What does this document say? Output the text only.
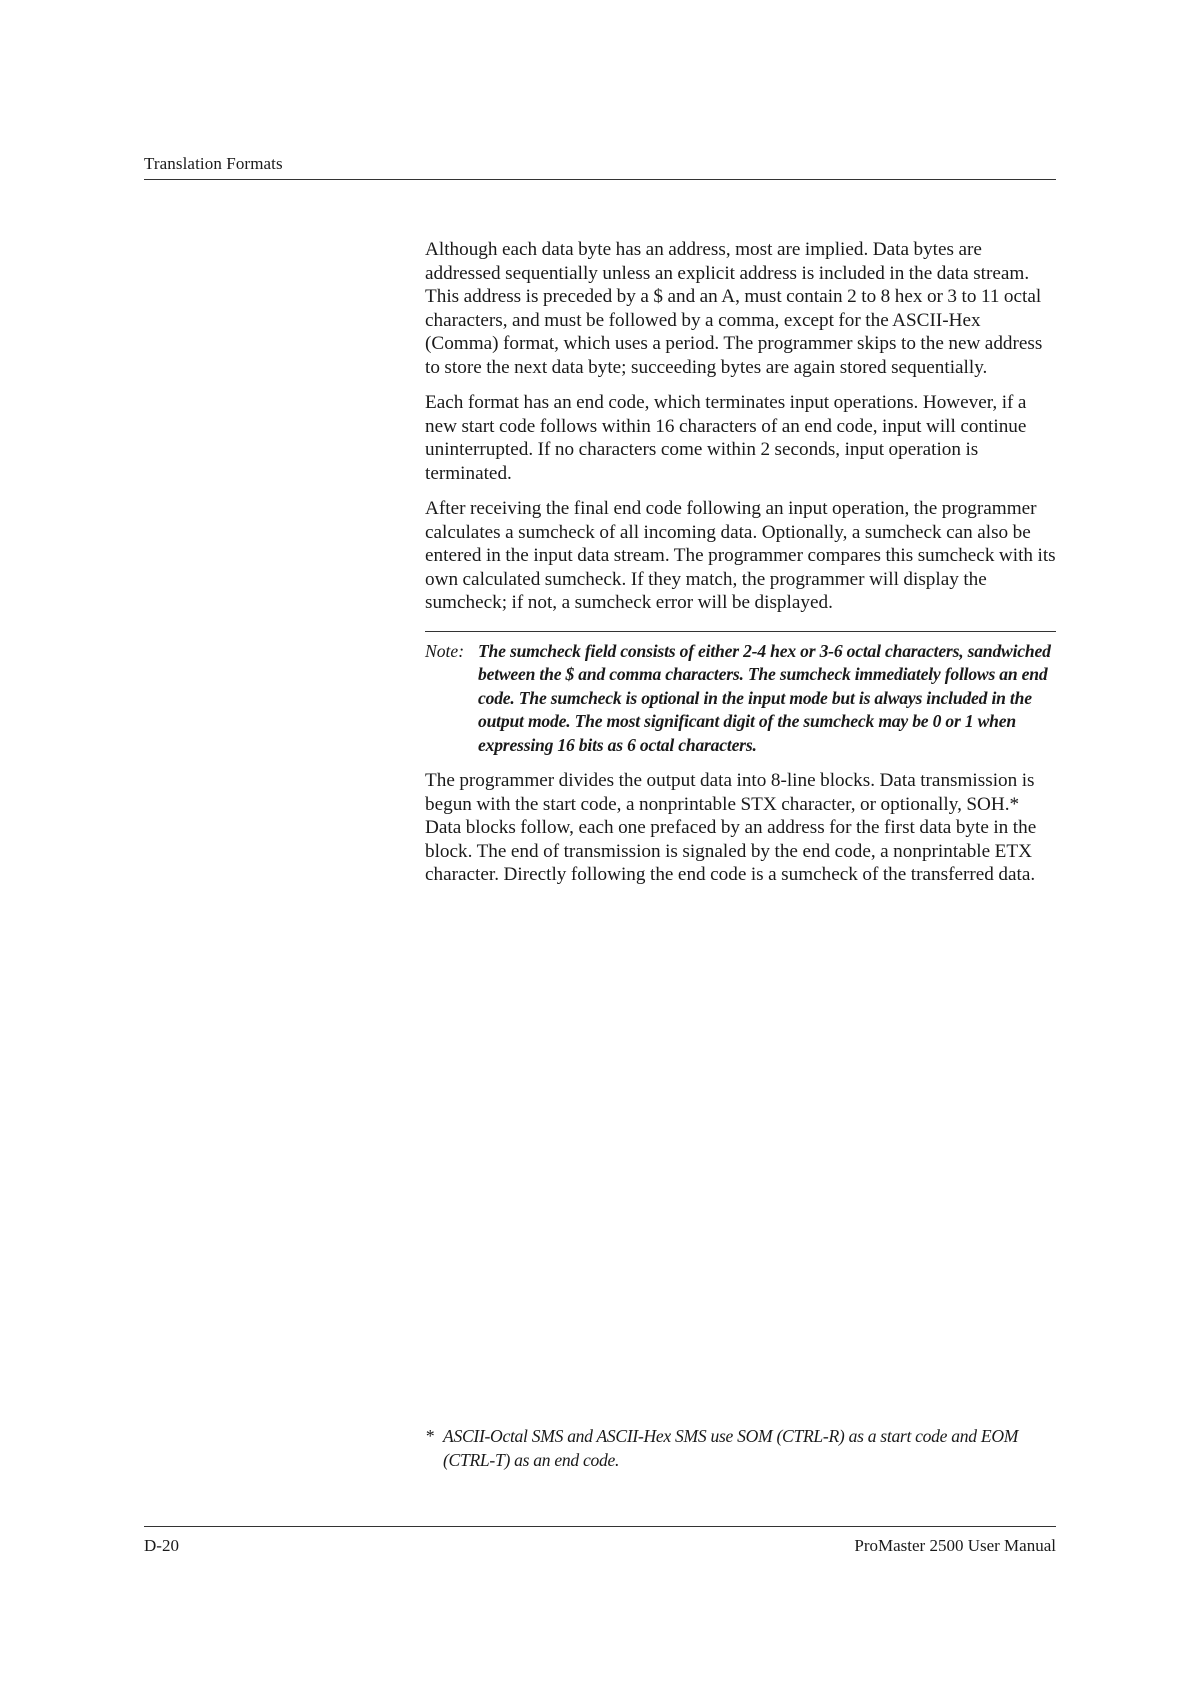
Translation Formats

Although each data byte has an address, most are implied. Data bytes are addressed sequentially unless an explicit address is included in the data stream. This address is preceded by a $ and an A, must contain 2 to 8 hex or 3 to 11 octal characters, and must be followed by a comma, except for the ASCII-Hex (Comma) format, which uses a period. The programmer skips to the new address to store the next data byte; succeeding bytes are again stored sequentially.

Each format has an end code, which terminates input operations. However, if a new start code follows within 16 characters of an end code, input will continue uninterrupted. If no characters come within 2 seconds, input operation is terminated.

After receiving the final end code following an input operation, the programmer calculates a sumcheck of all incoming data. Optionally, a sumcheck can also be entered in the input data stream. The programmer compares this sumcheck with its own calculated sumcheck. If they match, the programmer will display the sumcheck; if not, a sumcheck error will be displayed.

Note: The sumcheck field consists of either 2-4 hex or 3-6 octal characters, sandwiched between the $ and comma characters. The sumcheck immediately follows an end code. The sumcheck is optional in the input mode but is always included in the output mode. The most significant digit of the sumcheck may be 0 or 1 when expressing 16 bits as 6 octal characters.

The programmer divides the output data into 8-line blocks. Data transmission is begun with the start code, a nonprintable STX character, or optionally, SOH.* Data blocks follow, each one prefaced by an address for the first data byte in the block. The end of transmission is signaled by the end code, a nonprintable ETX character. Directly following the end code is a sumcheck of the transferred data.

* ASCII-Octal SMS and ASCII-Hex SMS use SOM (CTRL-R) as a start code and EOM (CTRL-T) as an end code.
D-20	ProMaster 2500 User Manual
